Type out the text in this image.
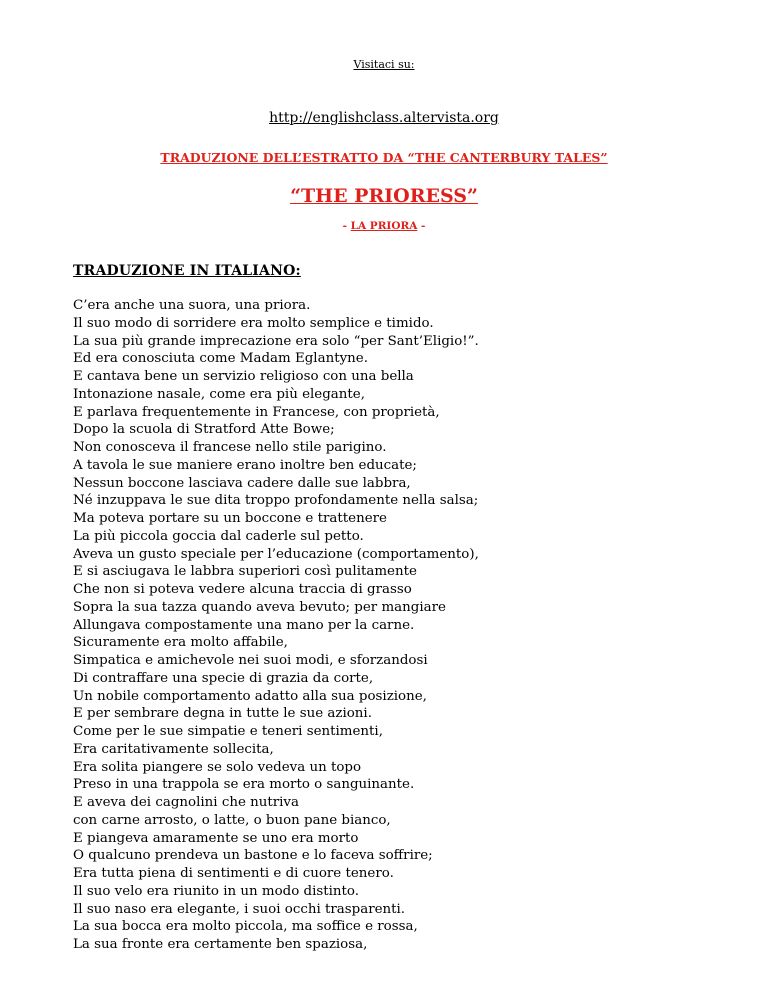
Visitaci su:
http://englishclass.altervista.org
TRADUZIONE DELL’ESTRATTO DA “THE CANTERBURY TALES”
“THE PRIORESS”
- LA PRIORA -
TRADUZIONE IN ITALIANO:
C’era anche una suora, una priora.
Il suo modo di sorridere era molto semplice e timido.
La sua più grande imprecazione era solo “per Sant’Eligio!”.
Ed era conosciuta come Madam Eglantyne.
E cantava bene un servizio religioso con una bella
Intonazione nasale, come era più elegante,
E parlava frequentemente in Francese, con proprietà,
Dopo la scuola di Stratford Atte Bowe;
Non conosceva il francese nello stile parigino.
A tavola le sue maniere erano inoltre ben educate;
Nessun boccone lasciava cadere dalle sue labbra,
Né inzuppava le sue dita troppo profondamente nella salsa;
Ma poteva portare su un boccone e trattenere
La più piccola goccia dal caderle sul petto.
Aveva un gusto speciale per l’educazione (comportamento),
E si asciugava le labbra superiori così pulitamente
Che non si poteva vedere alcuna traccia di grasso
Sopra la sua tazza quando aveva bevuto; per mangiare
Allungava compostamente una mano per la carne.
Sicuramente era molto affabile,
Simpatica e amichevole nei suoi modi, e sforzandosi
Di contraffare una specie di grazia da corte,
Un nobile comportamento adatto alla sua posizione,
E per sembrare degna in tutte le sue azioni.
Come per le sue simpatie e teneri sentimenti,
Era caritativamente sollecita,
Era solita piangere se solo vedeva un topo
Preso in una trappola se era morto o sanguinante.
E aveva dei cagnolini che nutriva
con carne arrosto, o latte, o buon pane bianco,
E piangeva amaramente se uno era morto
O qualcuno prendeva un bastone e lo faceva soffrire;
Era tutta piena di sentimenti e di cuore tenero.
Il suo velo era riunito in un modo distinto.
Il suo naso era elegante, i suoi occhi trasparenti.
La sua bocca era molto piccola, ma soffice e rossa,
La sua fronte era certamente ben spaziosa,
